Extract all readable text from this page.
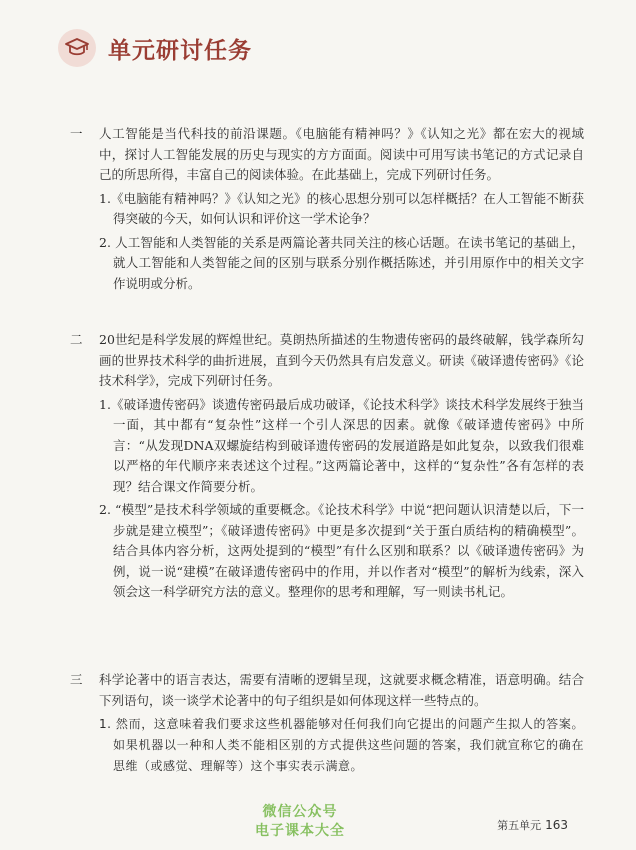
单元研讨任务
一	人工智能是当代科技的前沿课题。《电脑能有精神吗？》《认知之光》都在宏大的视域中，探讨人工智能发展的历史与现实的方方面面。阅读中可用写读书笔记的方式记录自己的所思所得，丰富自己的阅读体验。在此基础上，完成下列研讨任务。
1.《电脑能有精神吗？》《认知之光》的核心思想分别可以怎样概括？在人工智能不断获得突破的今天，如何认识和评价这一学术论争？
2. 人工智能和人类智能的关系是两篇论著共同关注的核心话题。在读书笔记的基础上，就人工智能和人类智能之间的区别与联系分别作概括陈述，并引用原作中的相关文字作说明或分析。
二	20世纪是科学发展的辉煌世纪。莫朗热所描述的生物遗传密码的最终破解，钱学森所勾画的世界技术科学的曲折进展，直到今天仍然具有启发意义。研读《破译遗传密码》《论技术科学》，完成下列研讨任务。
1.《破译遗传密码》谈遗传密码最后成功破译，《论技术科学》谈技术科学发展终于独当一面，其中都有“复杂性”这样一个引人深思的因素。就像《破译遗传密码》中所言：“从发现DNA双螺旋结构到破译遗传密码的发展道路是如此复杂，以致我们很难以严格的年代顺序来表述这个过程。”这两篇论著中，这样的“复杂性”各有怎样的表现？结合课文作简要分析。
2. “模型”是技术科学领域的重要概念。《论技术科学》中说“把问题认识清楚以后，下一步就是建立模型”；《破译遗传密码》中更是多次提到“关于蛋白质结构的精确模型”。结合具体内容分析，这两处提到的“模型”有什么区别和联系？以《破译遗传密码》为例，说一说“建模”在破译遗传密码中的作用，并以作者对“模型”的解析为线索，深入领会这一科学研究方法的意义。整理你的思考和理解，写一则读书札记。
三	科学论著中的语言表达，需要有清晰的逻辑呈现，这就要求概念精准，语意明确。结合下列语句，谈一谈学术论著中的句子组织是如何体现这样一些特点的。
1. 然而，这意味着我们要求这些机器能够对任何我们向它提出的问题产生拟人的答案。如果机器以一种和人类不能相区别的方式提供这些问题的答案，我们就宣称它的确在思维（或感觉、理解等）这个事实表示满意。
微信公众号
电子课本大全	第五单元 163
